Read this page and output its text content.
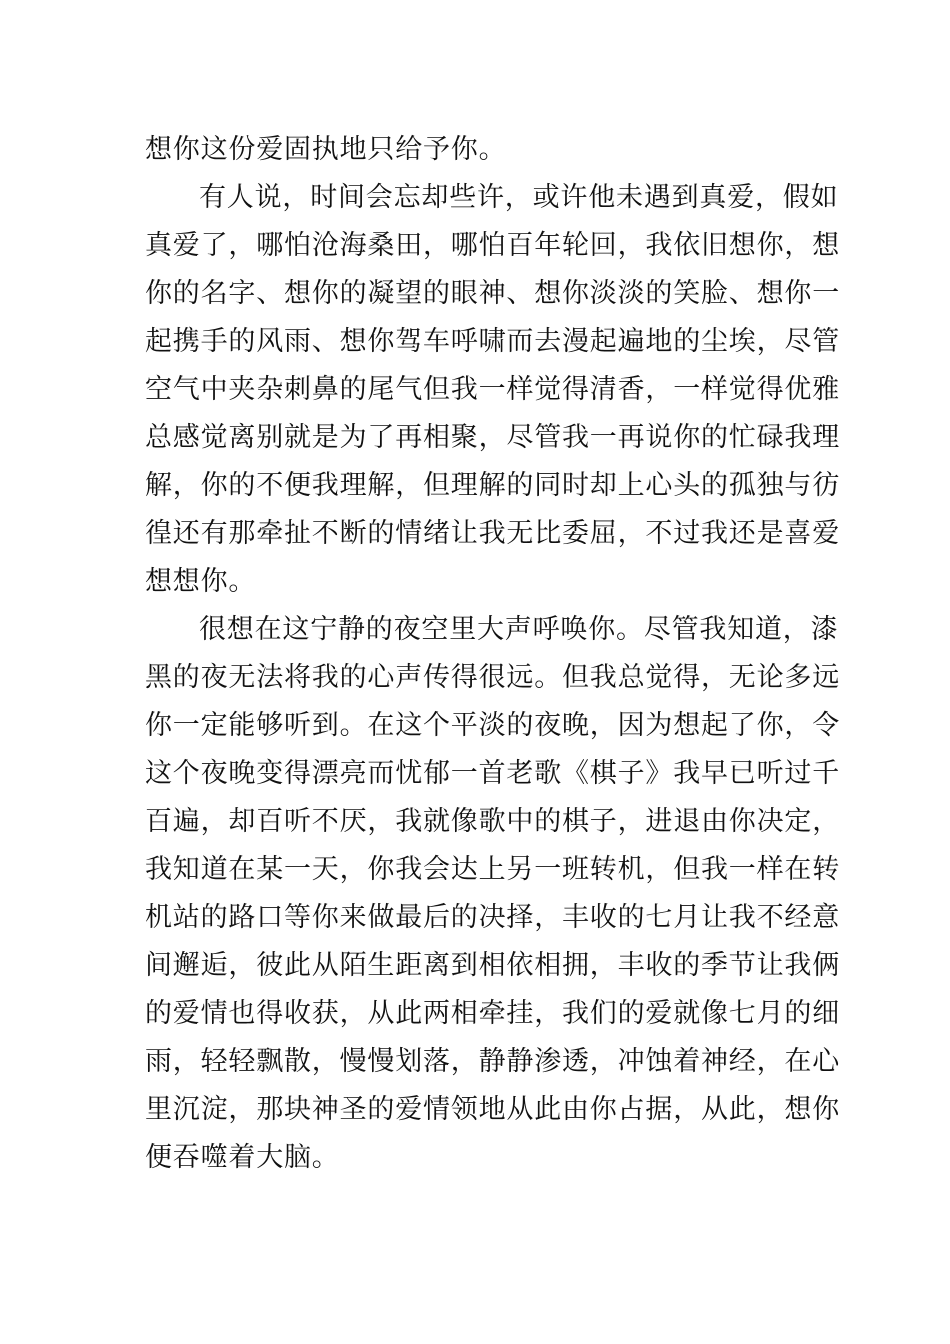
想你这份爱固执地只给予你。
有人说，时间会忘却些许，或许他未遇到真爱，假如
真爱了，哪怕沧海桑田，哪怕百年轮回，我依旧想你，想
你的名字、想你的凝望的眼神、想你淡淡的笑脸、想你一
起携手的风雨、想你驾车呼啸而去漫起遍地的尘埃，尽管
空气中夹杂刺鼻的尾气但我一样觉得清香，一样觉得优雅
总感觉离别就是为了再相聚，尽管我一再说你的忙碌我理
解，你的不便我理解，但理解的同时却上心头的孤独与彷
徨还有那牵扯不断的情绪让我无比委屈，不过我还是喜爱
想想你。
很想在这宁静的夜空里大声呼唤你。尽管我知道，漆
黑的夜无法将我的心声传得很远。但我总觉得，无论多远
你一定能够听到。在这个平淡的夜晚，因为想起了你，令
这个夜晚变得漂亮而忧郁一首老歌《棋子》我早已听过千
百遍，却百听不厌，我就像歌中的棋子，进退由你决定，
我知道在某一天，你我会达上另一班转机，但我一样在转
机站的路口等你来做最后的决择，丰收的七月让我不经意
间邂逅，彼此从陌生距离到相依相拥，丰收的季节让我俩
的爱情也得收获，从此两相牵挂，我们的爱就像七月的细
雨，轻轻飘散，慢慢划落，静静渗透，冲蚀着神经，在心
里沉淀，那块神圣的爱情领地从此由你占据，从此，想你
便吞噬着大脑。
